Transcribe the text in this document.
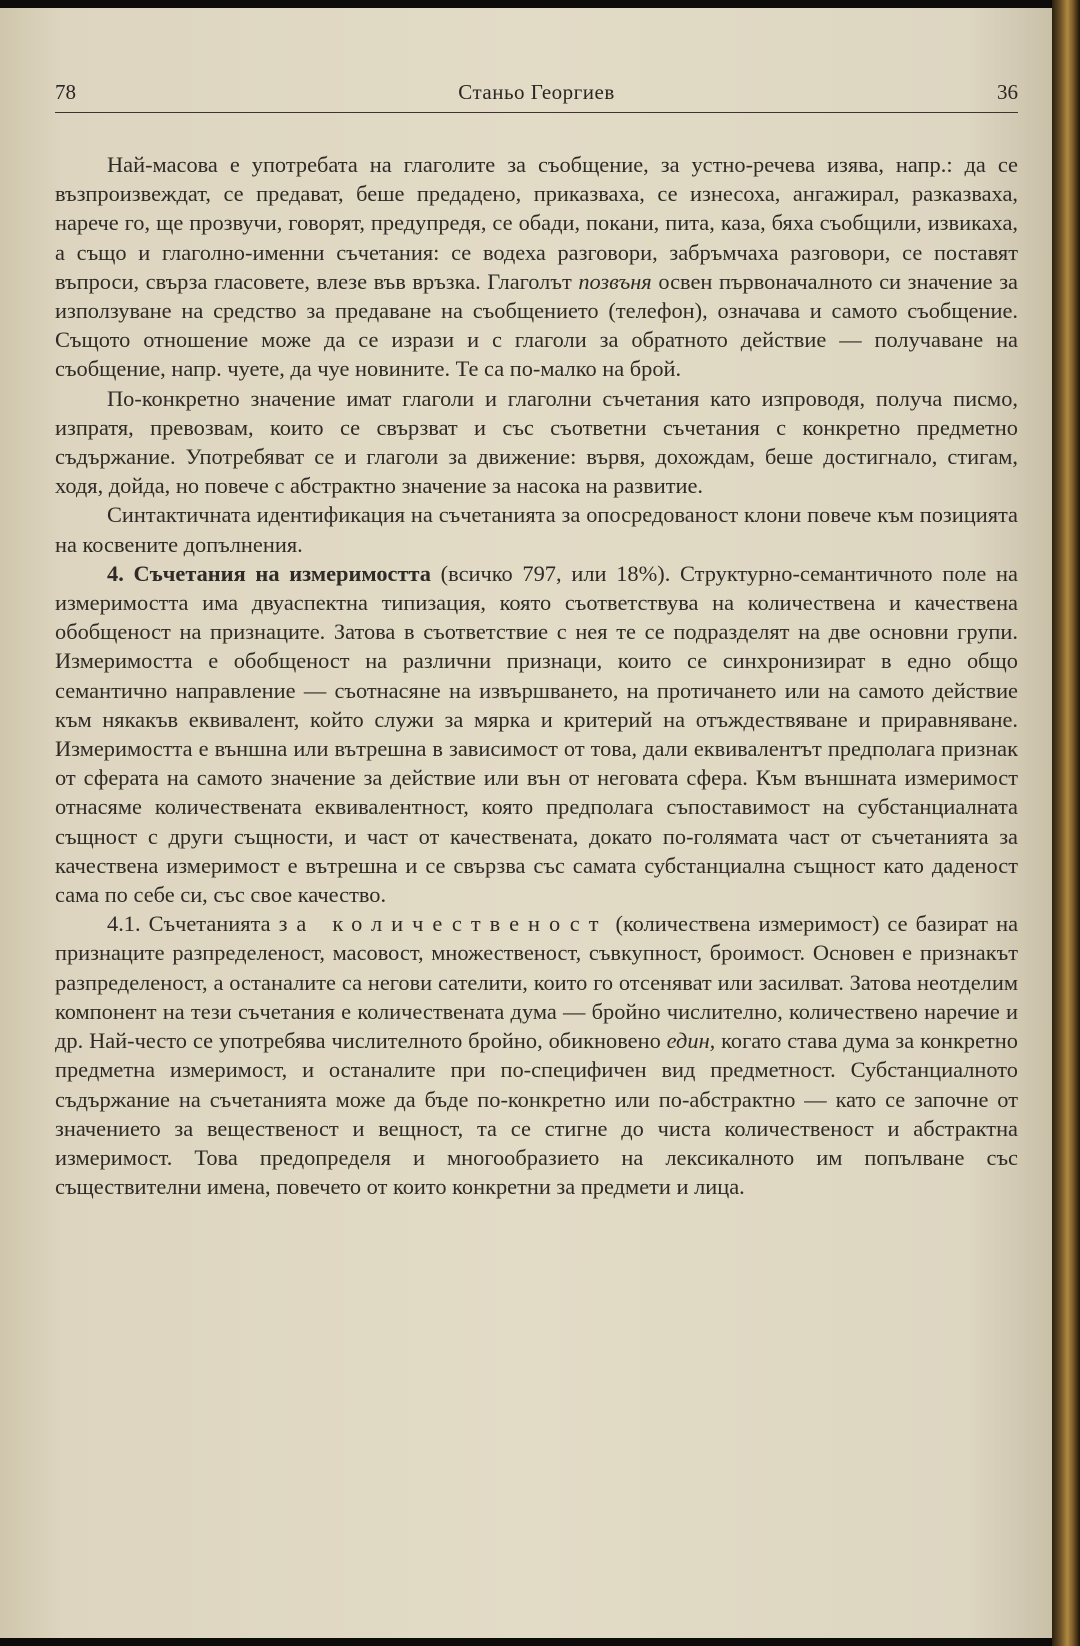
78	Станьо Георгиев	36

Най-масова е употребата на глаголите за съобщение, за устно-речева изява, напр.: да се възпроизвеждат, се предават, беше предадено, приказваха, се изнесоха, ангажирал, разказваха, нарече го, ще прозвучи, говорят, предупредя, се обади, покани, пита, каза, бяха съобщили, извикаха, а също и глаголно-именни съчетания: се водеха разговори, забръмчаха разговори, се поставят въпроси, свърза гласовете, влезе във връзка. Глаголът позвъня освен първоначалното си значение за използуване на средство за предаване на съобщението (телефон), означава и самото съобщение. Същото отношение може да се изрази и с глаголи за обратното действие — получаване на съобщение, напр. чуете, да чуе новините. Те са по-малко на брой.

По-конкретно значение имат глаголи и глаголни съчетания като изпроводя, получа писмо, изпратя, превозвам, които се свързват и със съответни съчетания с конкретно предметно съдържание. Употребяват се и глаголи за движение: вървя, дохождам, беше достигнало, стигам, ходя, дойда, но повече с абстрактно значение за насока на развитие.

Синтактичната идентификация на съчетанията за опосредованост клони повече към позицията на косвените допълнения.

4. Съчетания на измеримостта (всичко 797, или 18%). Структурно-семантичното поле на измеримостта има двуаспектна типизация, която съответствува на количествена и качествена обобщеност на признаците. Затова в съответствие с нея те се подразделят на две основни групи. Измеримостта е обобщеност на различни признаци, които се синхронизират в едно общо семантично направление — съотнасяне на извършването, на протичането или на самото действие към някакъв еквивалент, който служи за мярка и критерий на отъждествяване и приравняване. Измеримостта е външна или вътрешна в зависимост от това, дали еквивалентът предполага признак от сферата на самото значение за действие или вън от неговата сфера. Към външната измеримост отнасяме количествената еквивалентност, която предполага съпоставимост на субстанциалната същност с други същности, и част от качествената, докато по-голямата част от съчетанията за качествена измеримост е вътрешна и се свързва със самата субстанциална същност като даденост сама по себе си, със свое качество.

4.1. Съчетанията за количественост (количествена измеримост) се базират на признаците разпределеност, масовост, множественост, съвкупност, броимост. Основен е признакът разпределеност, а останалите са негови сателити, които го отсеняват или засилват. Затова неотделим компонент на тези съчетания е количествената дума — бройно числително, количествено наречие и др. Най-често се употребява числителното бройно, обикновено един, когато става дума за конкретно предметна измеримост, и останалите при по-специфичен вид предметност. Субстанциалното съдържание на съчетанията може да бъде по-конкретно или по-абстрактно — като се започне от значението за вещественост и вещност, та се стигне до чиста количественост и абстрактна измеримост. Това предопределя и многообразието на лексикалното им попълване със съществителни имена, повечето от които конкретни за предмети и лица.
